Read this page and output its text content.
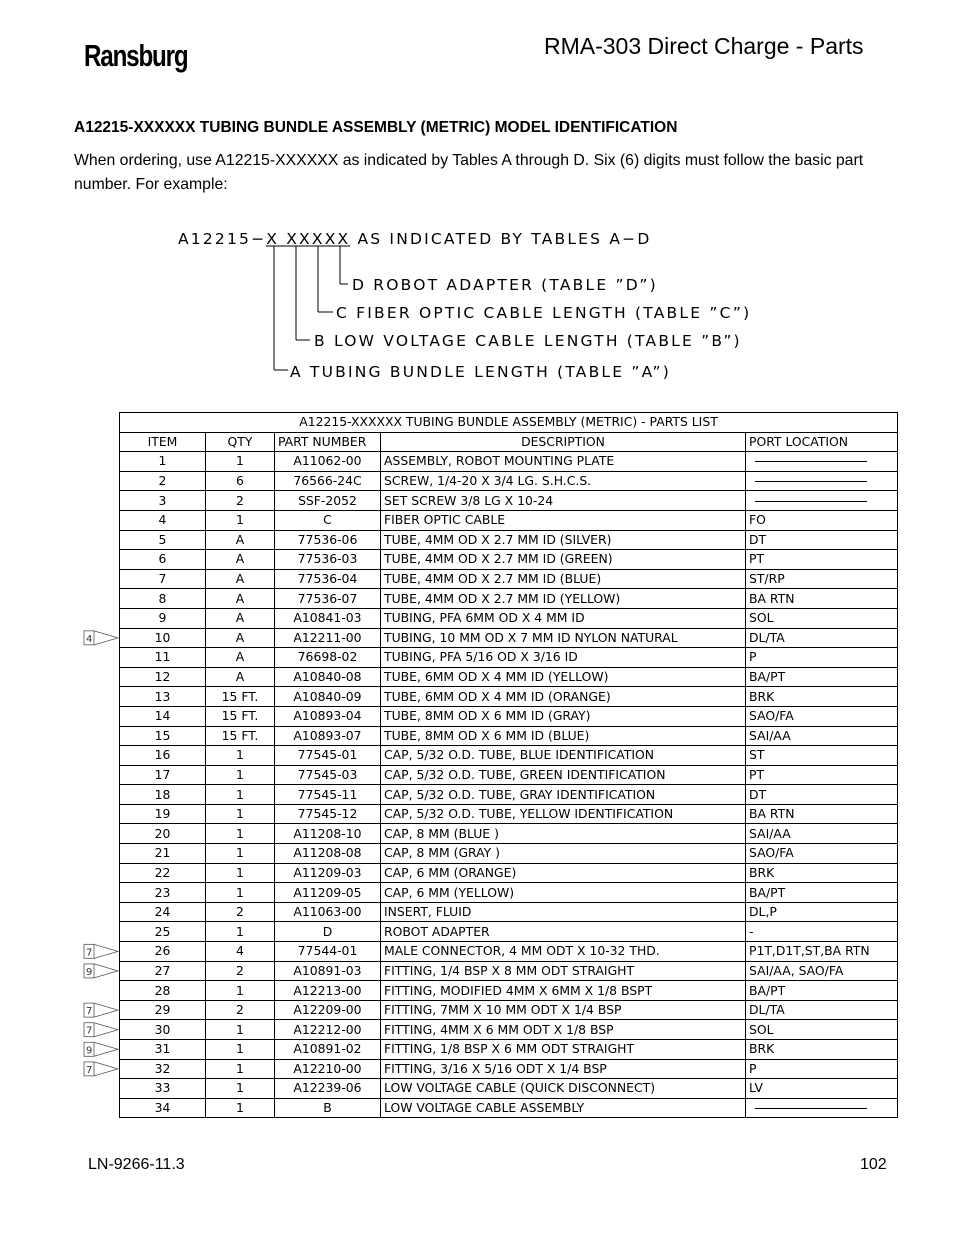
Ransburg	RMA-303 Direct Charge - Parts
A12215-XXXXXX TUBING BUNDLE ASSEMBLY (METRIC) MODEL IDENTIFICATION
When ordering, use A12215-XXXXXX as indicated by Tables A through D. Six (6) digits must follow the basic part number. For example:
A12215−X XXXXX AS INDICATED BY TABLES A−D
D ROBOT ADAPTER (TABLE ”D”)
C FIBER OPTIC CABLE LENGTH (TABLE ”C”)
B LOW VOLTAGE CABLE LENGTH (TABLE ”B”)
A TUBING BUNDLE LENGTH (TABLE ”A”)
A12215-XXXXXX TUBING BUNDLE ASSEMBLY (METRIC) - PARTS LIST				
ITEM	QTY	PART NUMBER	DESCRIPTION	PORT LOCATION
1	1	A11062-00	ASSEMBLY, ROBOT MOUNTING PLATE	
2	6	76566-24C	SCREW, 1/4-20 X 3/4 LG. S.H.C.S.	
3	2	SSF-2052	SET SCREW 3/8 LG X 10-24	
4	1	C	FIBER OPTIC CABLE	FO
5	A	77536-06	TUBE, 4MM OD X 2.7 MM ID (SILVER)	DT
6	A	77536-03	TUBE, 4MM OD X 2.7 MM ID (GREEN)	PT
7	A	77536-04	TUBE, 4MM OD X 2.7 MM ID (BLUE)	ST/RP
8	A	77536-07	TUBE, 4MM OD X 2.7 MM ID (YELLOW)	BA RTN
9	A	A10841-03	TUBING, PFA 6MM OD X 4 MM ID	SOL
10	A	A12211-00	TUBING, 10 MM OD X 7 MM ID NYLON NATURAL	DL/TA
11	A	76698-02	TUBING, PFA 5/16 OD X 3/16 ID	P
12	A	A10840-08	TUBE, 6MM OD X 4 MM ID (YELLOW)	BA/PT
13	15 FT.	A10840-09	TUBE, 6MM OD X 4 MM ID (ORANGE)	BRK
14	15 FT.	A10893-04	TUBE, 8MM OD X 6 MM ID (GRAY)	SAO/FA
15	15 FT.	A10893-07	TUBE, 8MM OD X 6 MM ID (BLUE)	SAI/AA
16	1	77545-01	CAP, 5/32 O.D. TUBE, BLUE IDENTIFICATION	ST
17	1	77545-03	CAP, 5/32 O.D. TUBE, GREEN IDENTIFICATION	PT
18	1	77545-11	CAP, 5/32 O.D. TUBE, GRAY IDENTIFICATION	DT
19	1	77545-12	CAP, 5/32 O.D. TUBE, YELLOW IDENTIFICATION	BA RTN
20	1	A11208-10	CAP, 8 MM (BLUE )	SAI/AA
21	1	A11208-08	CAP, 8 MM (GRAY )	SAO/FA
22	1	A11209-03	CAP, 6 MM (ORANGE)	BRK
23	1	A11209-05	CAP, 6 MM (YELLOW)	BA/PT
24	2	A11063-00	INSERT, FLUID	DL,P
25	1	D	ROBOT ADAPTER	-
26	4	77544-01	MALE CONNECTOR, 4 MM ODT X 10-32 THD.	P1T,D1T,ST,BA RTN
27	2	A10891-03	FITTING, 1/4 BSP X 8 MM ODT STRAIGHT	SAI/AA, SAO/FA
28	1	A12213-00	FITTING, MODIFIED 4MM X 6MM X 1/8 BSPT	BA/PT
29	2	A12209-00	FITTING, 7MM X 10 MM ODT X 1/4 BSP	DL/TA
30	1	A12212-00	FITTING, 4MM X 6 MM ODT X 1/8 BSP	SOL
31	1	A10891-02	FITTING, 1/8 BSP X 6 MM ODT STRAIGHT	BRK
32	1	A12210-00	FITTING, 3/16 X 5/16 ODT X 1/4 BSP	P
33	1	A12239-06	LOW VOLTAGE CABLE (QUICK DISCONNECT)	LV
34	1	B	LOW VOLTAGE CABLE ASSEMBLY	
4
7
9
7
7
9
7
LN-9266-11.3	102
